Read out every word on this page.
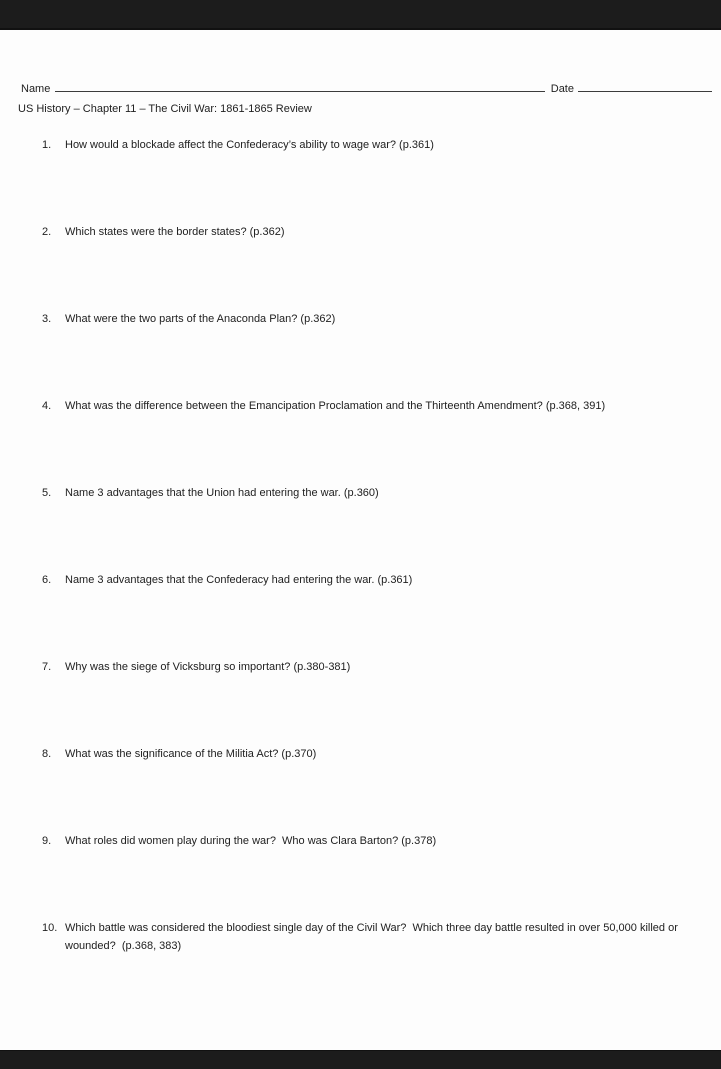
Name	Date
US History – Chapter 11 – The Civil War: 1861-1865 Review
1.	How would a blockade affect the Confederacy’s ability to wage war? (p.361)
2.	Which states were the border states? (p.362)
3.	What were the two parts of the Anaconda Plan? (p.362)
4.	What was the difference between the Emancipation Proclamation and the Thirteenth Amendment? (p.368, 391)
5.	Name 3 advantages that the Union had entering the war. (p.360)
6.	Name 3 advantages that the Confederacy had entering the war. (p.361)
7.	Why was the siege of Vicksburg so important? (p.380-381)
8.	What was the significance of the Militia Act? (p.370)
9.	What roles did women play during the war?  Who was Clara Barton? (p.378)
10. Which battle was considered the bloodiest single day of the Civil War?  Which three day battle resulted in over 50,000 killed or wounded?  (p.368, 383)
